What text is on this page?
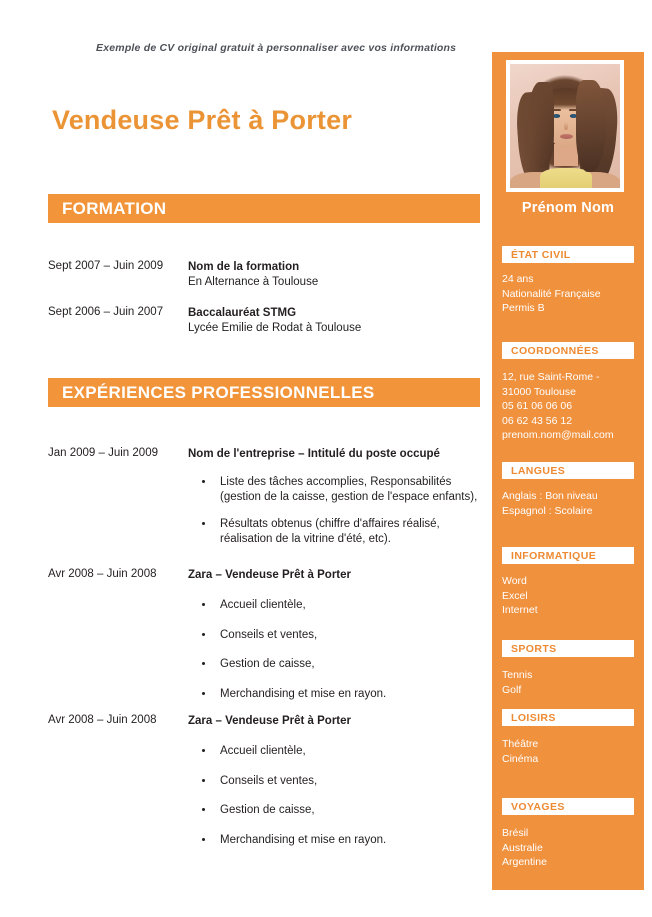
Exemple de CV original gratuit à personnaliser avec vos informations
Vendeuse Prêt à Porter
FORMATION
Sept 2007 – Juin 2009	Nom de la formation
En Alternance à Toulouse
Sept 2006 – Juin 2007	Baccalauréat STMG
Lycée Emilie de Rodat à Toulouse
EXPÉRIENCES PROFESSIONNELLES
Jan 2009 – Juin 2009	Nom de l'entreprise – Intitulé du poste occupé
Liste des tâches accomplies, Responsabilités (gestion de la caisse, gestion de l'espace enfants),
Résultats obtenus (chiffre d'affaires réalisé, réalisation de la vitrine d'été, etc).
Avr 2008 – Juin 2008	Zara – Vendeuse Prêt à Porter
Accueil clientèle,
Conseils et ventes,
Gestion de caisse,
Merchandising et mise en rayon.
Avr 2008 – Juin 2008	Zara – Vendeuse Prêt à Porter
Accueil clientèle,
Conseils et ventes,
Gestion de caisse,
Merchandising et mise en rayon.
Prénom Nom
ÉTAT CIVIL
24 ans
Nationalité Française
Permis B
COORDONNÉES
12, rue Saint-Rome -
31000 Toulouse
05 61 06 06 06
06 62 43 56 12
prenom.nom@mail.com
LANGUES
Anglais : Bon niveau
Espagnol : Scolaire
INFORMATIQUE
Word
Excel
Internet
SPORTS
Tennis
Golf
LOISIRS
Théâtre
Cinéma
VOYAGES
Brésil
Australie
Argentine
